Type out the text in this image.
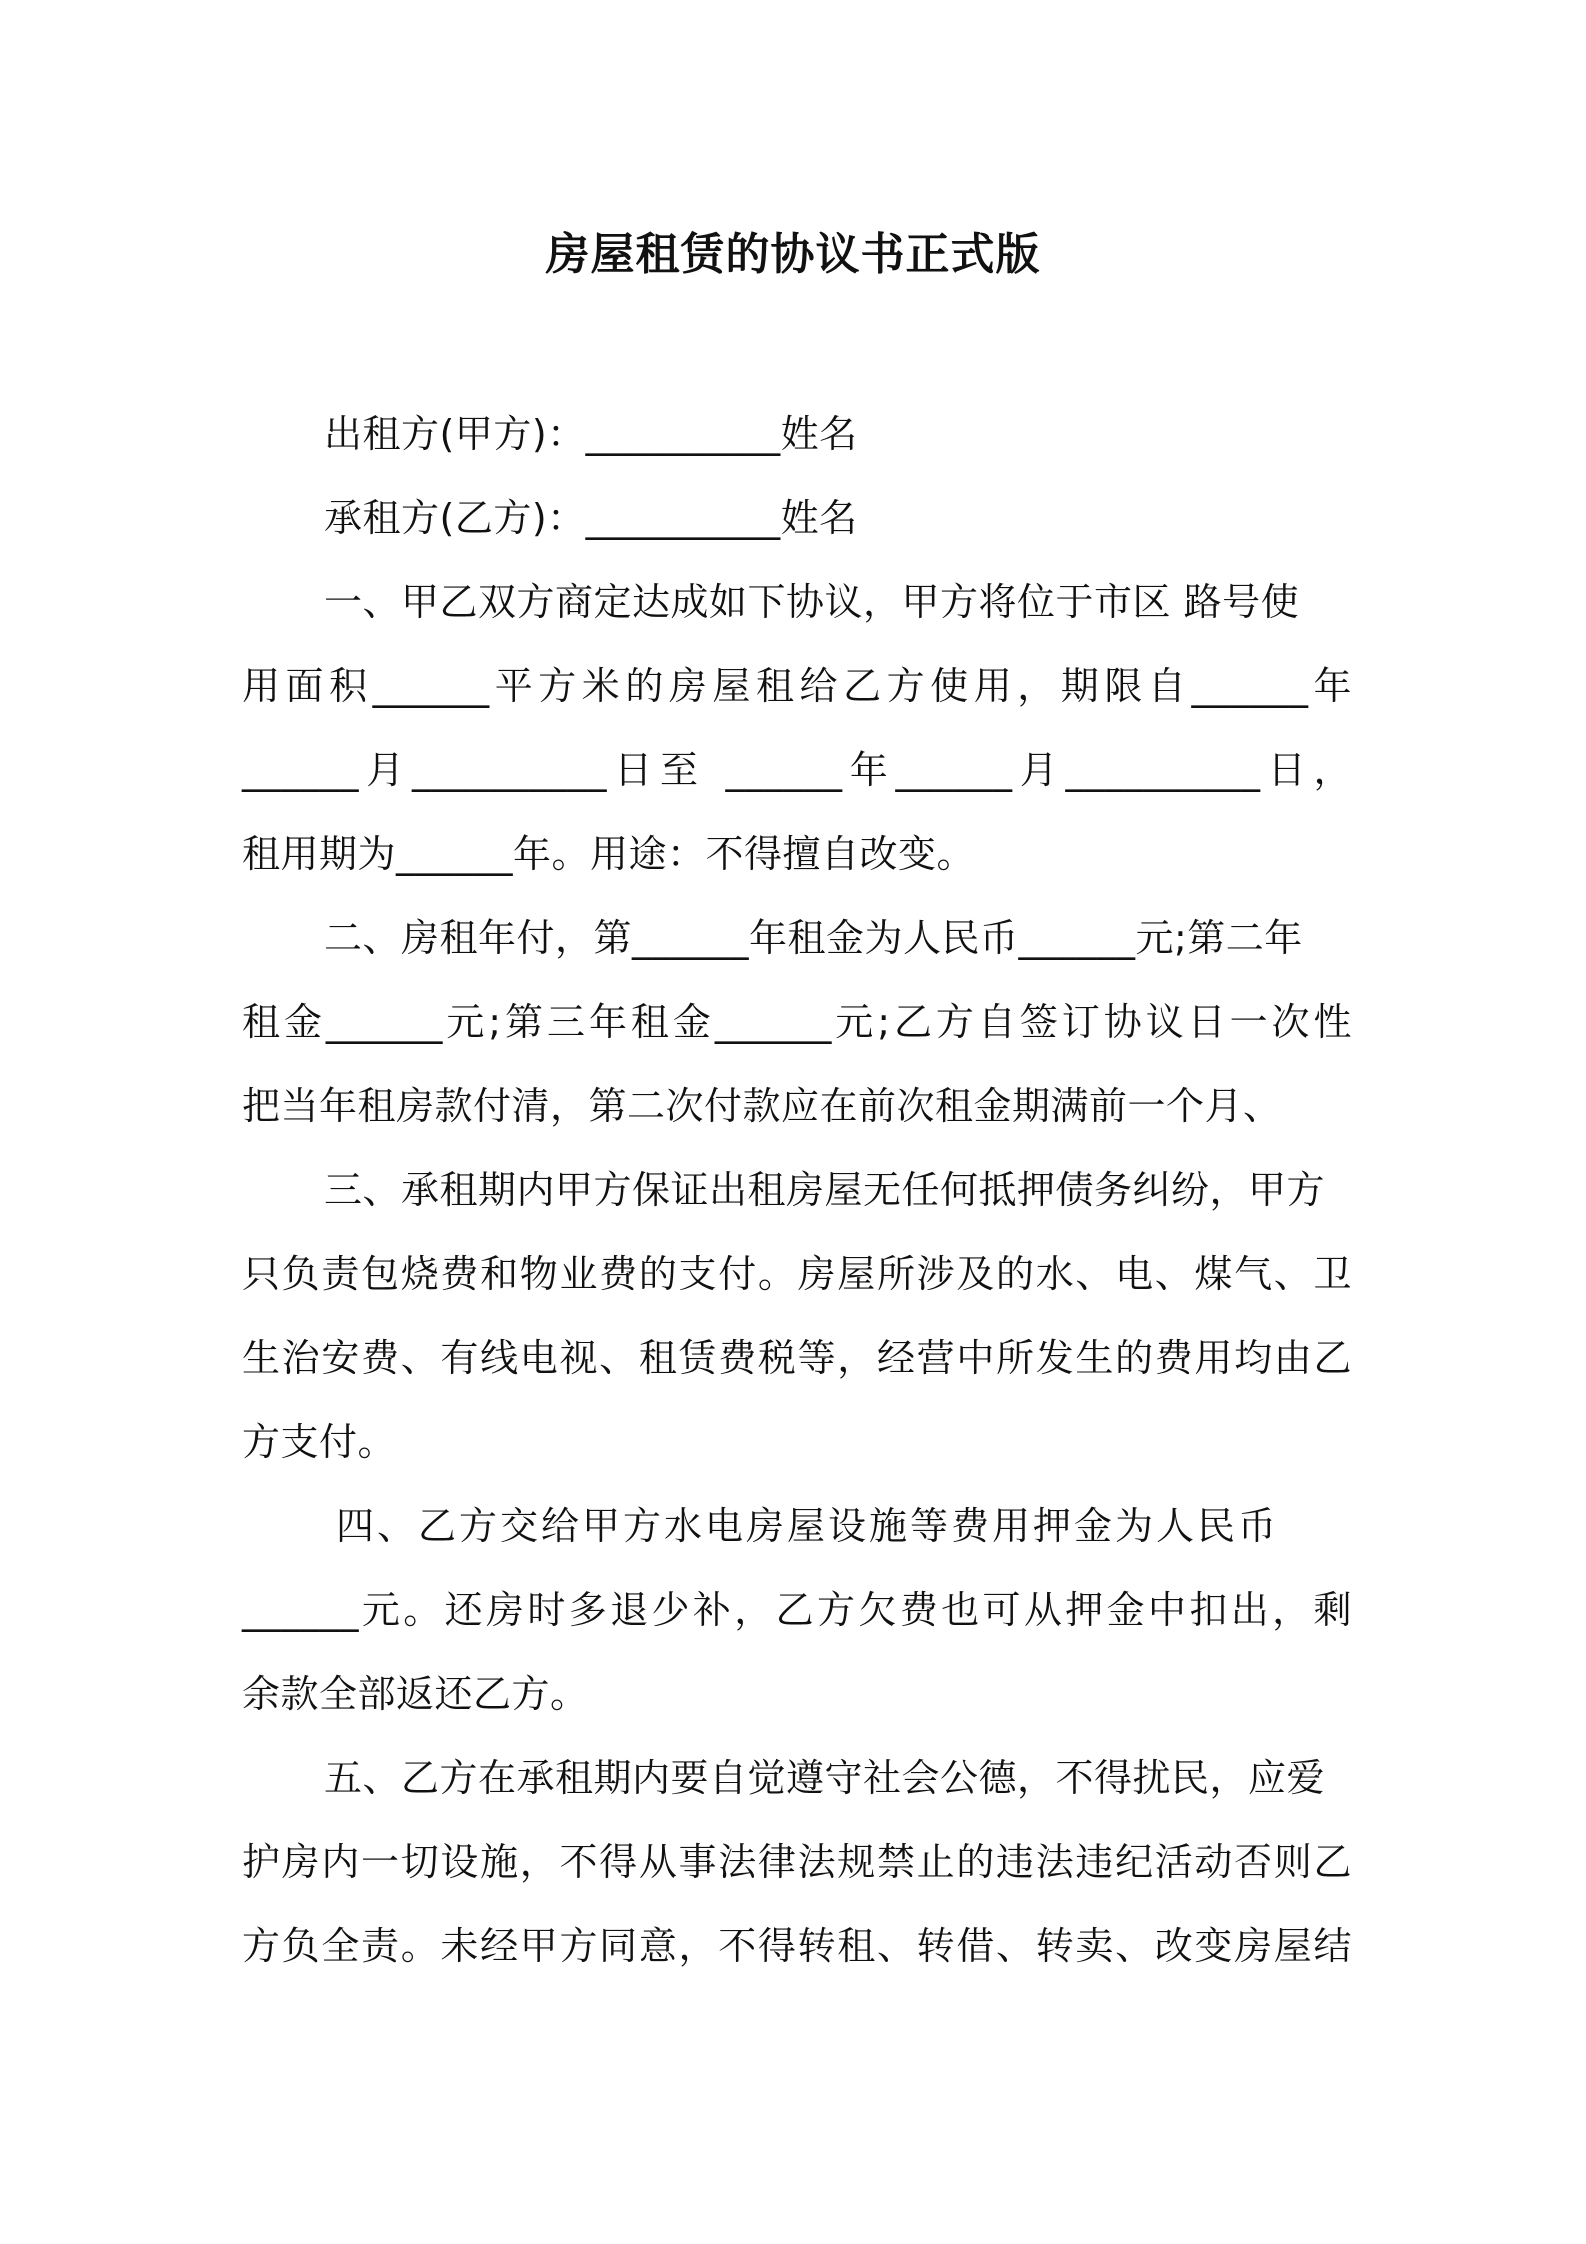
房屋租赁的协议书正式版
出租方(甲方)：__________姓名
承租方(乙方)：__________姓名
一、甲乙双方商定达成如下协议，甲方将位于市区 路号使
用面积______平方米的房屋租给乙方使用，期限自______年
______月__________日至 ______年______月__________日，
租用期为______年。用途：不得擅自改变。
二、房租年付，第______年租金为人民币______元;第二年
租金______元;第三年租金______元;乙方自签订协议日一次性
把当年租房款付清，第二次付款应在前次租金期满前一个月、
三、承租期内甲方保证出租房屋无任何抵押债务纠纷，甲方
只负责包烧费和物业费的支付。房屋所涉及的水、电、煤气、卫
生治安费、有线电视、租赁费税等，经营中所发生的费用均由乙
方支付。
四、乙方交给甲方水电房屋设施等费用押金为人民币
______元。还房时多退少补，乙方欠费也可从押金中扣出，剩
余款全部返还乙方。
五、乙方在承租期内要自觉遵守社会公德，不得扰民，应爱
护房内一切设施，不得从事法律法规禁止的违法违纪活动否则乙
方负全责。未经甲方同意，不得转租、转借、转卖、改变房屋结
